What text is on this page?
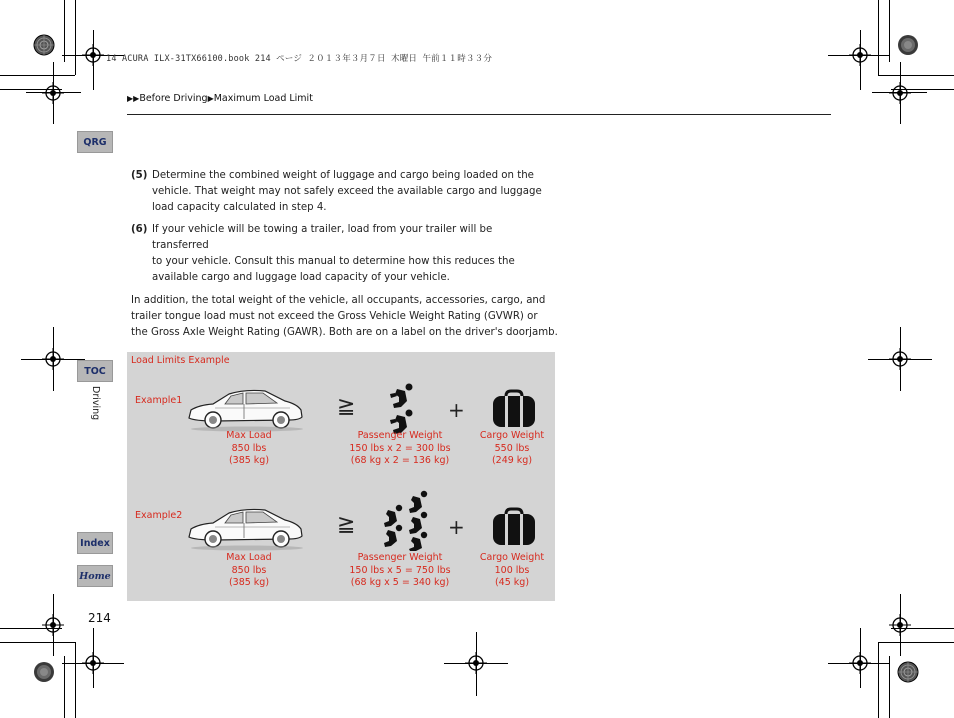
14 ACURA ILX-31TX66100.book 214 ページ ２０１３年３月７日 木曜日 午前１１時３３分
▶▶Before Driving▶Maximum Load Limit
QRG
TOC
Driving
Index
Home
(5) Determine the combined weight of luggage and cargo being loaded on the
vehicle. That weight may not safely exceed the available cargo and luggage
load capacity calculated in step 4.
(6) If your vehicle will be towing a trailer, load from your trailer will be transferred
to your vehicle. Consult this manual to determine how this reduces the
available cargo and luggage load capacity of your vehicle.
In addition, the total weight of the vehicle, all occupants, accessories, cargo, and
trailer tongue load must not exceed the Gross Vehicle Weight Rating (GVWR) or
the Gross Axle Weight Rating (GAWR). Both are on a label on the driver's doorjamb.
Load Limits Example
Example1	≧	+
Max Load
850 lbs
(385 kg)
Passenger Weight
150 lbs x 2 = 300 lbs
(68 kg x 2 = 136 kg)
Cargo Weight
550 lbs
(249 kg)
Example2	≧	+
Max Load
850 lbs
(385 kg)
Passenger Weight
150 lbs x 5 = 750 lbs
(68 kg x 5 = 340 kg)
Cargo Weight
100 lbs
(45 kg)
214
